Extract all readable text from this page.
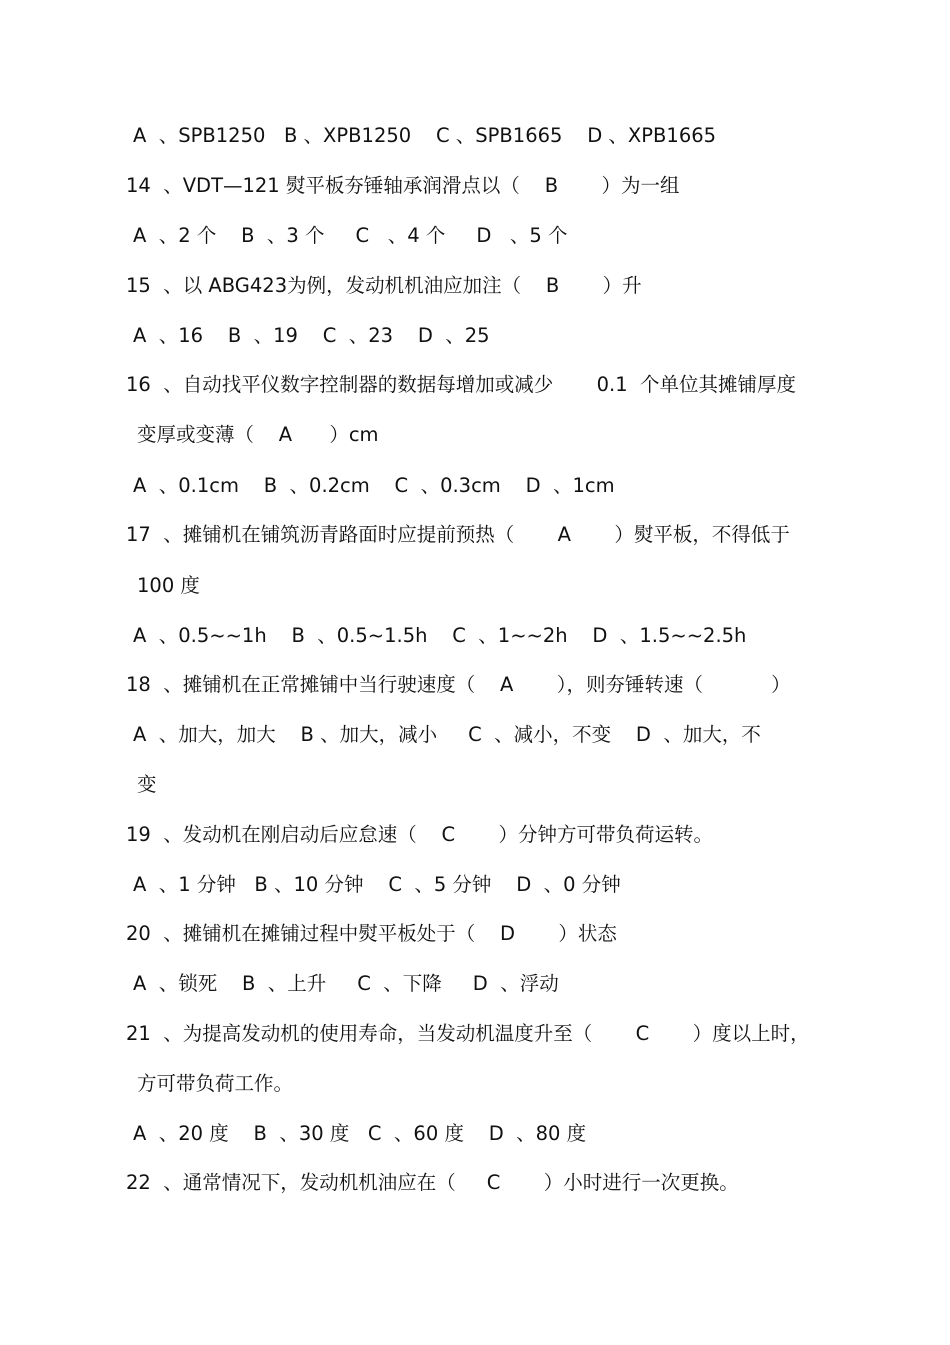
A  、SPB1250   B 、XPB1250    C 、SPB1665    D 、XPB1665
14  、VDT—121 熨平板夯锤轴承润滑点以（    B       ）为一组
A  、2 个    B  、3 个     C   、4 个     D   、5 个
15  、以 ABG423为例，发动机机油应加注（    B       ）升
A  、16    B  、19    C  、23    D  、25
16  、自动找平仪数字控制器的数据每增加或减少       0.1  个单位其摊铺厚度
变厚或变薄（    A      ）cm
A  、0.1cm    B  、0.2cm    C  、0.3cm    D  、1cm
17  、摊铺机在铺筑沥青路面时应提前预热（       A       ）熨平板，不得低于
100 度
A  、0.5~~1h    B  、0.5~1.5h    C  、1~~2h    D  、1.5~~2.5h
18  、摊铺机在正常摊铺中当行驶速度（    A       ），则夯锤转速（           ）
A  、加大，加大    B 、加大，减小     C  、减小，不变    D  、加大，不
变
19  、发动机在刚启动后应怠速（    C       ）分钟方可带负荷运转。
A  、1 分钟   B 、10 分钟    C  、5 分钟    D  、0 分钟
20  、摊铺机在摊铺过程中熨平板处于（    D       ）状态
A  、锁死    B  、上升     C  、下降     D  、浮动
21  、为提高发动机的使用寿命，当发动机温度升至（       C       ）度以上时，
方可带负荷工作。
A  、20 度    B  、30 度   C  、60 度    D  、80 度
22  、通常情况下，发动机机油应在（     C       ）小时进行一次更换。
